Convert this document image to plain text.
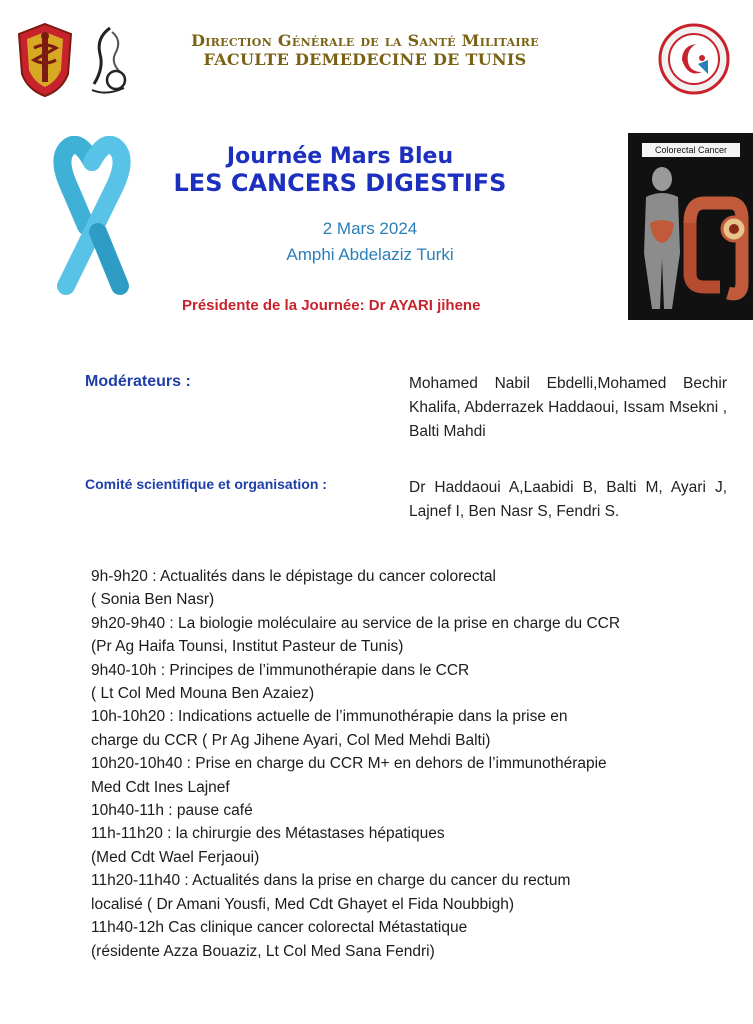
Direction Générale de la Santé Militaire
FACULTE DEMEDECINE DE TUNIS
Journée Mars Bleu
LES CANCERS DIGESTIFS
2 Mars 2024
Amphi Abdelaziz Turki
Colorectal Cancer (CRC)
Présidente de la Journée: Dr AYARI jihene
Modérateurs :	Mohamed Nabil Ebdelli,Mohamed Bechir Khalifa, Abderrazek Haddaoui, Issam Msekni , Balti Mahdi
Comité scientifique et organisation :	Dr Haddaoui A,Laabidi B, Balti M, Ayari J, Lajnef I, Ben Nasr S, Fendri S.
9h-9h20 : Actualités dans le dépistage du cancer colorectal
( Sonia Ben Nasr)
9h20-9h40 : La biologie moléculaire au service de la prise en charge du CCR
(Pr Ag Haifa Tounsi, Institut Pasteur de Tunis)
9h40-10h : Principes de l’immunothérapie dans le CCR
( Lt Col Med Mouna Ben Azaiez)
10h-10h20 : Indications actuelle de l’immunothérapie dans la prise en
charge du CCR ( Pr Ag Jihene Ayari, Col Med Mehdi Balti)
10h20-10h40 : Prise en charge du CCR M+ en dehors de l’immunothérapie
Med Cdt Ines Lajnef
10h40-11h : pause café
11h-11h20 : la chirurgie des Métastases hépatiques
(Med Cdt Wael Ferjaoui)
11h20-11h40 : Actualités dans la prise en charge du cancer du rectum
localisé ( Dr Amani Yousfi, Med Cdt Ghayet el Fida Noubbigh)
11h40-12h Cas clinique cancer colorectal Métastatique
(résidente Azza Bouaziz, Lt Col Med Sana Fendri)
